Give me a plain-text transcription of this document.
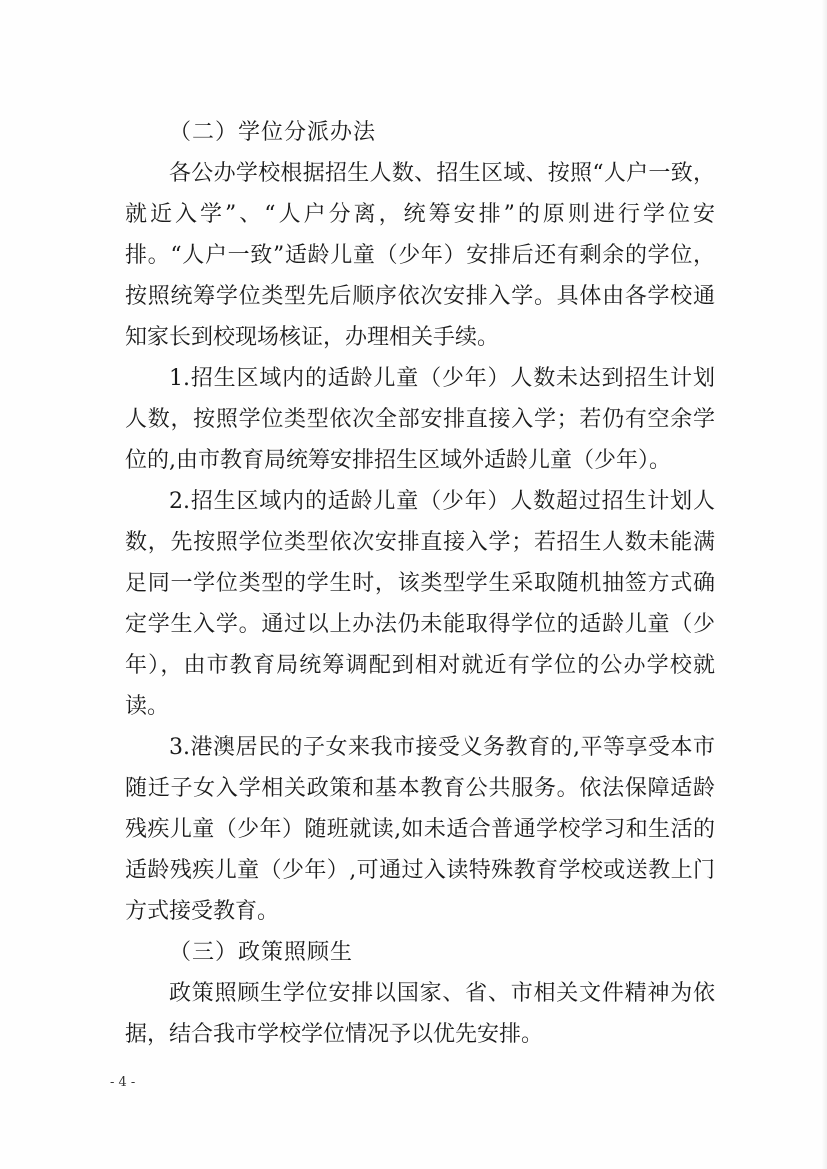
（二）学位分派办法

各公办学校根据招生人数、招生区域、按照“人户一致，就近入学”、“人户分离，统筹安排”的原则进行学位安排。“人户一致”适龄儿童（少年）安排后还有剩余的学位，按照统筹学位类型先后顺序依次安排入学。具体由各学校通知家长到校现场核证，办理相关手续。

1.招生区域内的适龄儿童（少年）人数未达到招生计划人数，按照学位类型依次全部安排直接入学；若仍有空余学位的,由市教育局统筹安排招生区域外适龄儿童（少年）。

2.招生区域内的适龄儿童（少年）人数超过招生计划人数，先按照学位类型依次安排直接入学；若招生人数未能满足同一学位类型的学生时，该类型学生采取随机抽签方式确定学生入学。通过以上办法仍未能取得学位的适龄儿童（少年），由市教育局统筹调配到相对就近有学位的公办学校就读。

3.港澳居民的子女来我市接受义务教育的,平等享受本市随迁子女入学相关政策和基本教育公共服务。依法保障适龄残疾儿童（少年）随班就读,如未适合普通学校学习和生活的适龄残疾儿童（少年）,可通过入读特殊教育学校或送教上门方式接受教育。

（三）政策照顾生

政策照顾生学位安排以国家、省、市相关文件精神为依据，结合我市学校学位情况予以优先安排。

- 4 -
